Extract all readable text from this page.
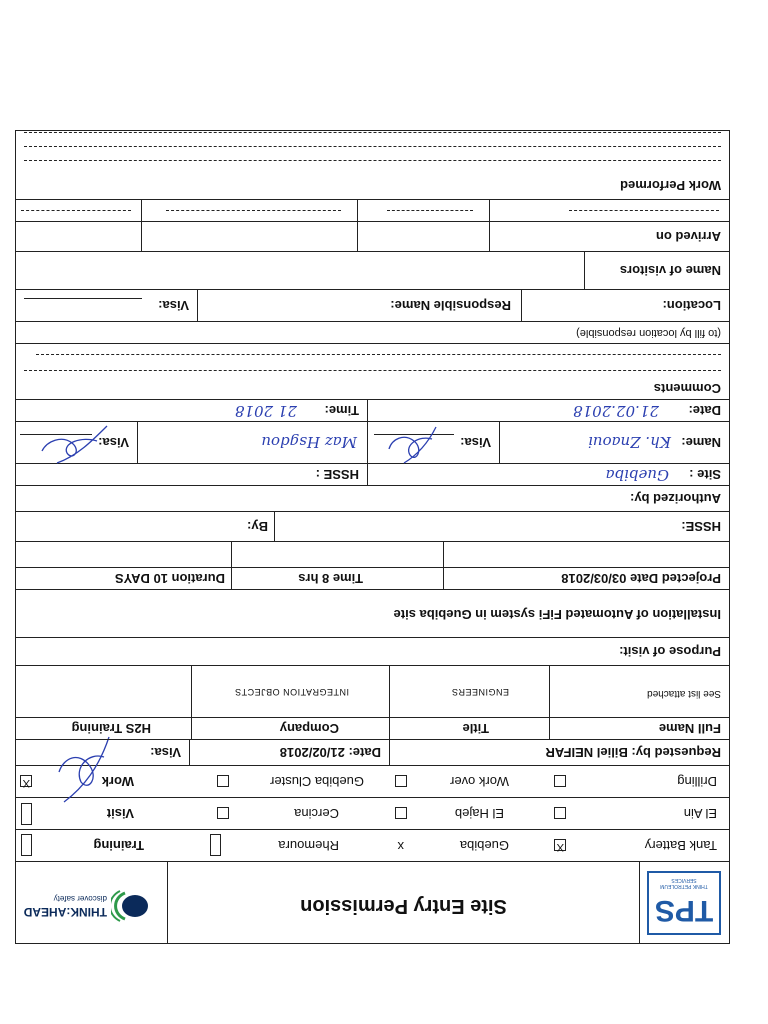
TPS
THINK PETROLEUM SERVICES
Site Entry Permission
THINK:AHEAD
discover safety
Tank Battery
X
Guebiba
x
Rhemoura
Training
El Ain
El Hajeb
Cercina
Visit
Drilling
Work over
Guebiba Cluster
Work
X
Requested by: Biliel NEIFAR
Date: 21/02/2018
Visa:
Full Name
Title
Company
H2S Training
See list attached
ENGINEERS
INTEGRATION OBJECTS
Purpose of visit:
Installation of Automated FiFi system in Guebiba site
Projected Date 03/03/2018
Time 8 hrs
Duration 10 DAYS
HSSE:
By:
Authorized by:
Site :
Guebiba
HSSE :
Name:
Kh. Znaoui
Visa:
Maz Hsgdou
Visa:
Date:
21.02.2018
Time:
21 2018
Comments
(to fill by location responsible)
Location:
Responsible Name:
Visa:
Name of visitors
Arrived on
Work Performed
